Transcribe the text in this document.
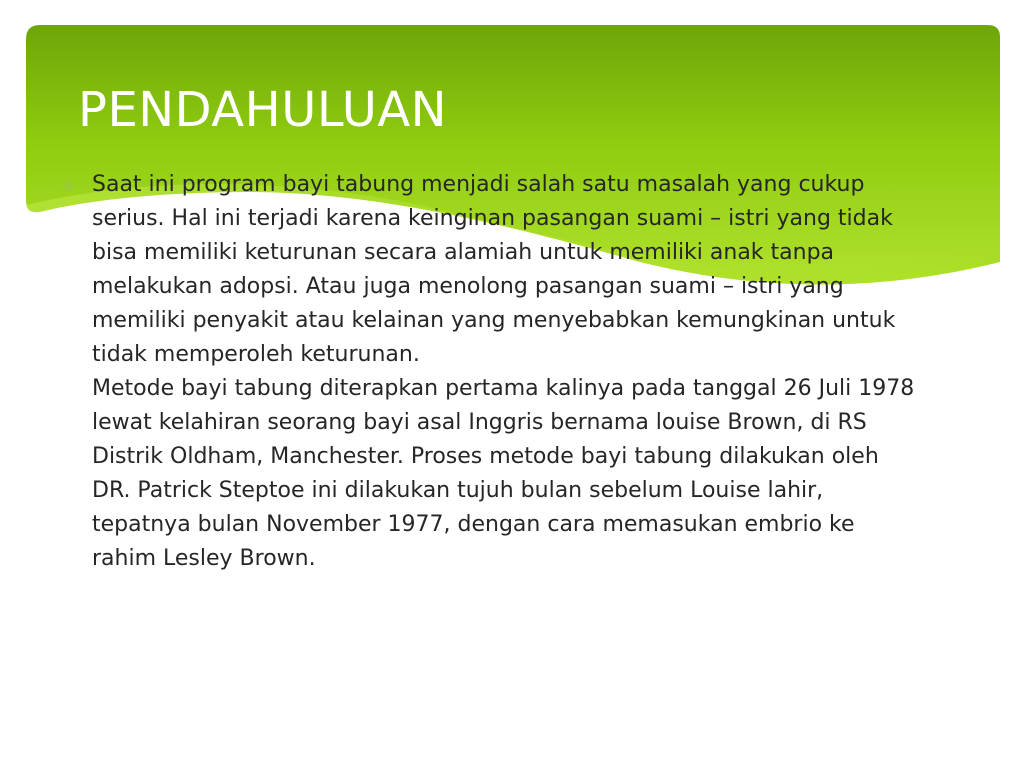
PENDAHULUAN

Saat ini program bayi tabung menjadi salah satu masalah yang cukup serius. Hal ini terjadi karena keinginan pasangan suami – istri yang tidak bisa memiliki keturunan secara alamiah untuk memiliki anak tanpa melakukan adopsi. Atau juga menolong pasangan suami – istri yang memiliki penyakit atau kelainan yang menyebabkan kemungkinan untuk tidak memperoleh keturunan.

Metode bayi tabung diterapkan pertama kalinya pada tanggal 26 Juli 1978 lewat kelahiran seorang bayi asal Inggris bernama louise Brown, di RS Distrik Oldham, Manchester. Proses metode bayi tabung dilakukan oleh DR. Patrick Steptoe ini dilakukan tujuh bulan sebelum Louise lahir, tepatnya bulan November 1977, dengan cara memasukan embrio ke rahim Lesley Brown.
